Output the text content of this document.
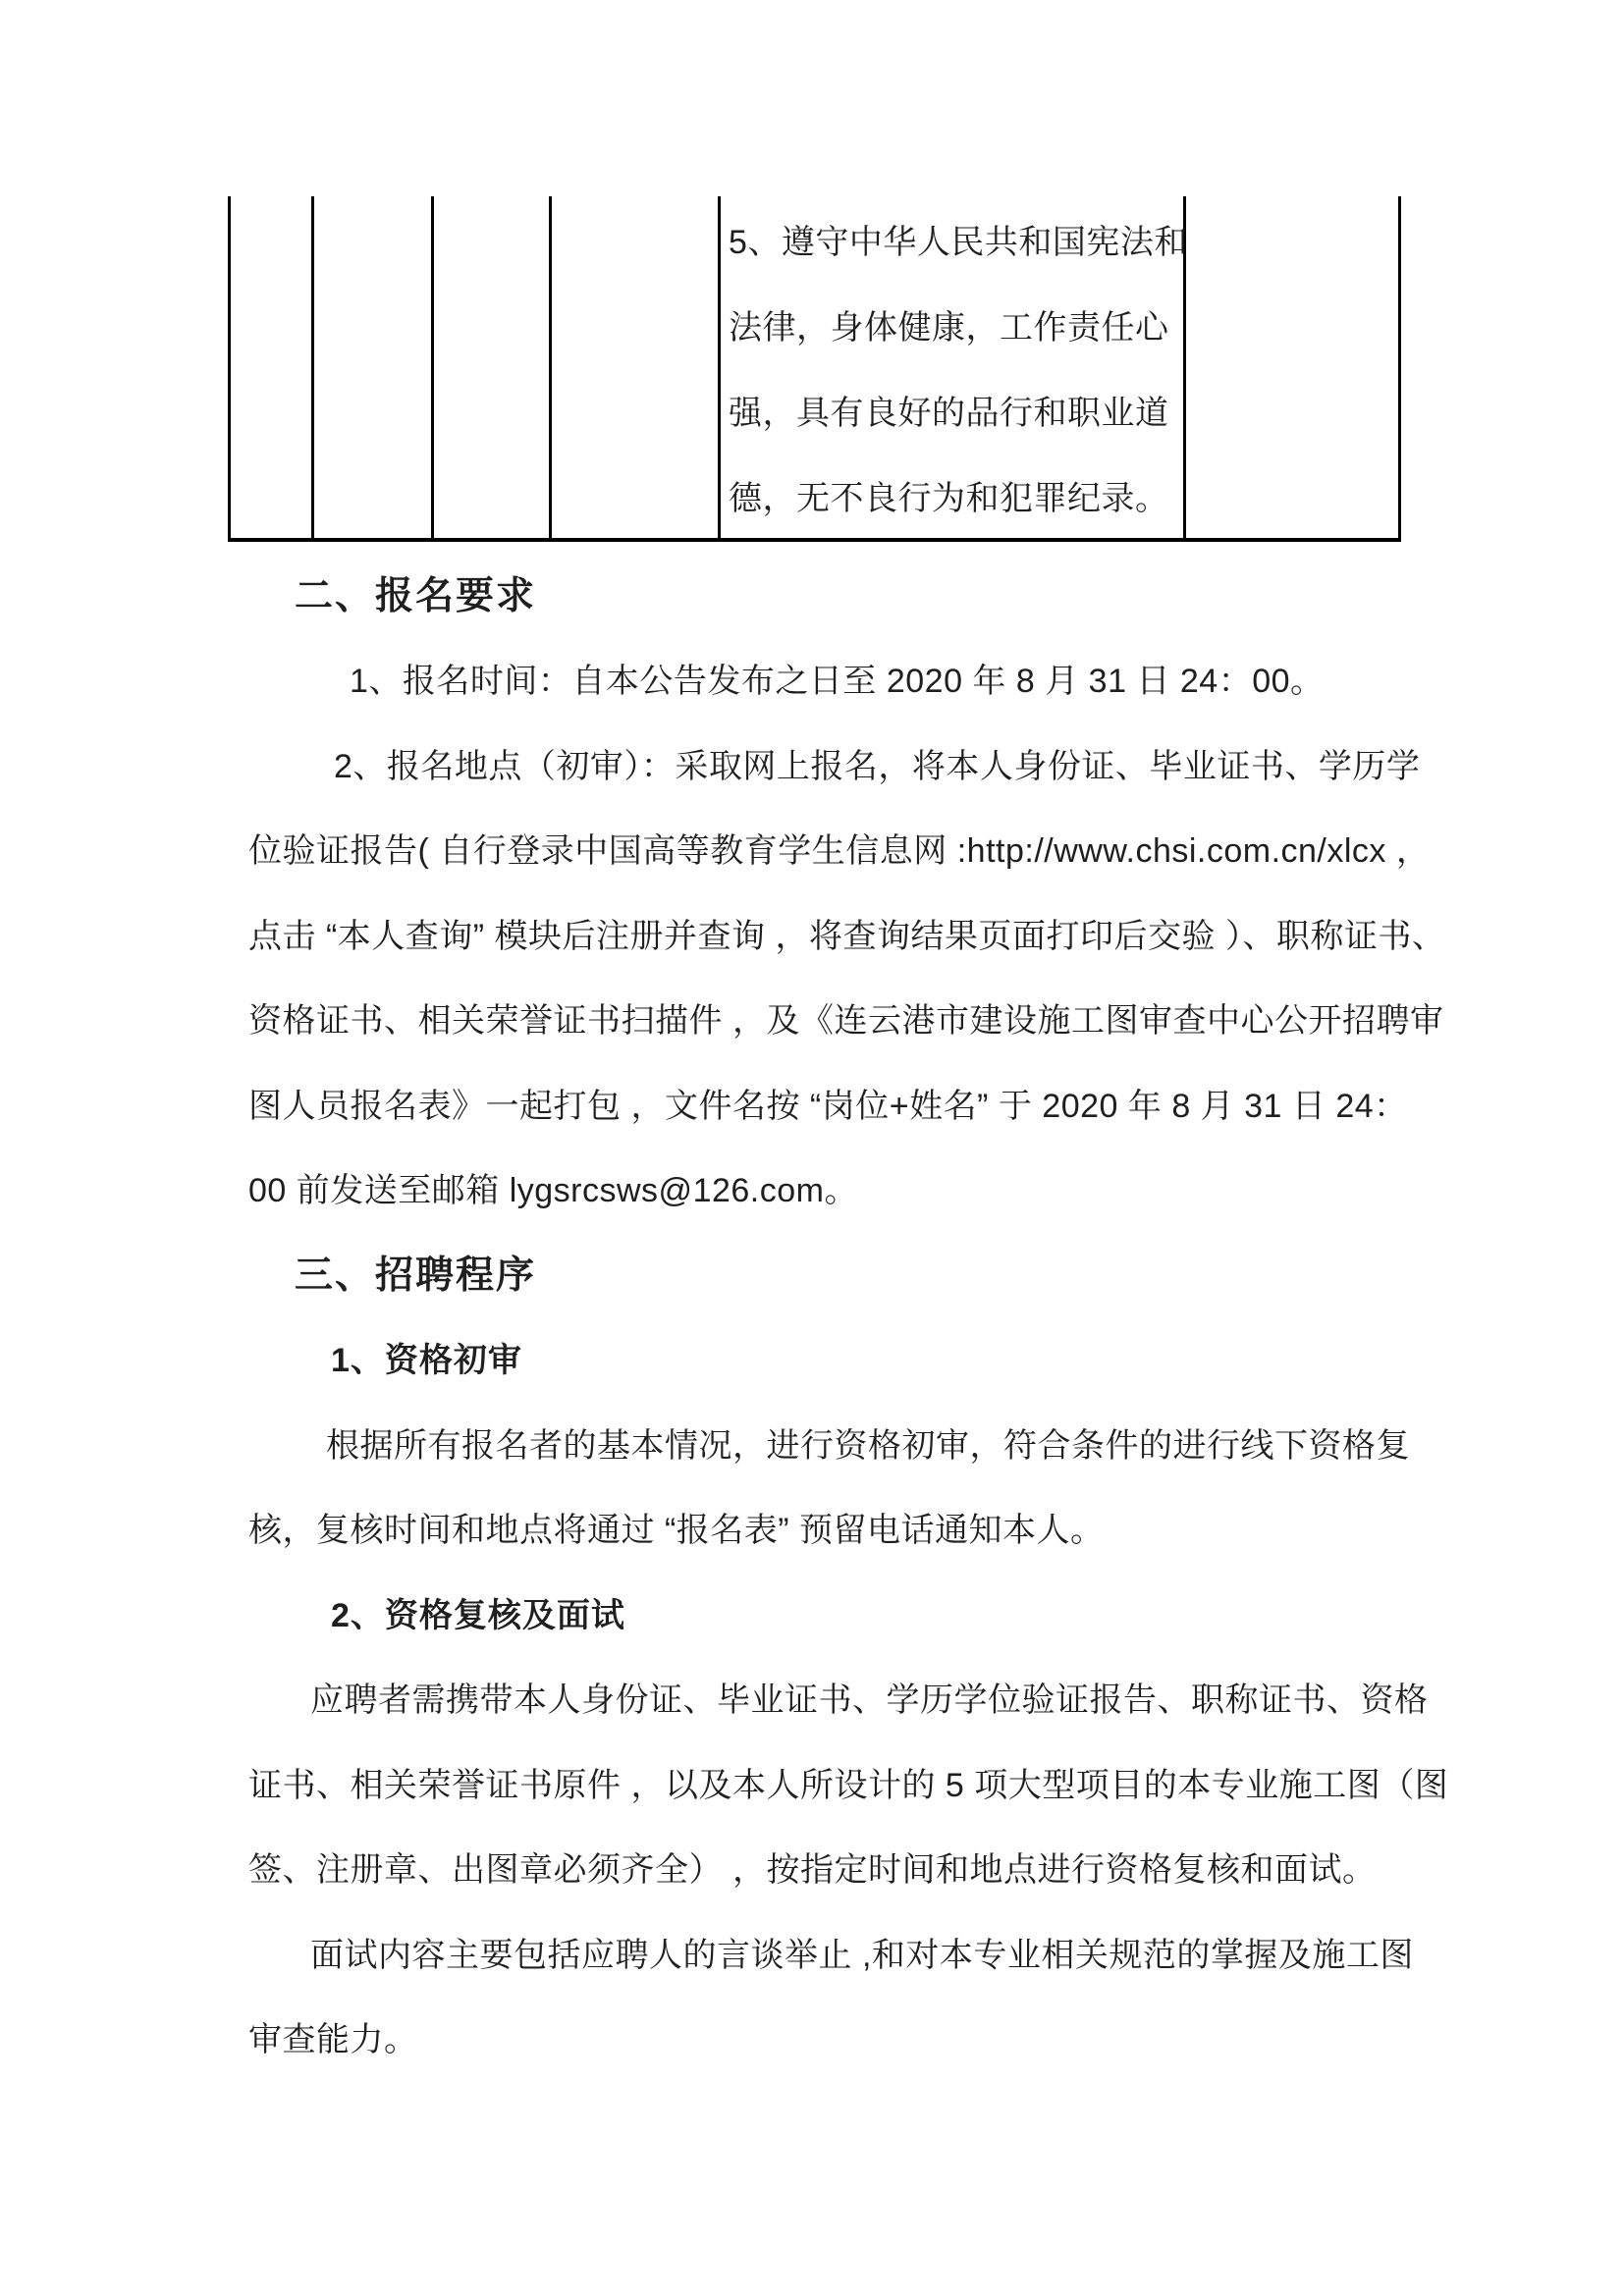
5、遵守中华人民共和国宪法和
法律，身体健康，工作责任心
强，具有良好的品行和职业道
德，无不良行为和犯罪纪录。
二、报名要求
1、报名时间：自本公告发布之日至 2020 年 8 月 31 日 24：00。
2、报名地点（初审）：采取网上报名，将本人身份证、毕业证书、学历学
位验证报告( 自行登录中国高等教育学生信息网 :http://www.chsi.com.cn/xlcx ，
点击 “本人查询” 模块后注册并查询 ，将查询结果页面打印后交验 ）、职称证书、
资格证书、相关荣誉证书扫描件 ，及《连云港市建设施工图审查中心公开招聘审
图人员报名表》一起打包 ，文件名按 “岗位+姓名” 于 2020 年 8 月 31 日 24：
00 前发送至邮箱 lygsrcsws@126.com。
三、招聘程序
1、资格初审
根据所有报名者的基本情况，进行资格初审，符合条件的进行线下资格复
核，复核时间和地点将通过 “报名表” 预留电话通知本人。
2、资格复核及面试
应聘者需携带本人身份证、毕业证书、学历学位验证报告、职称证书、资格
证书、相关荣誉证书原件 ，以及本人所设计的 5 项大型项目的本专业施工图（图
签、注册章、出图章必须齐全） ，按指定时间和地点进行资格复核和面试。
面试内容主要包括应聘人的言谈举止 ,和对本专业相关规范的掌握及施工图
审查能力。
